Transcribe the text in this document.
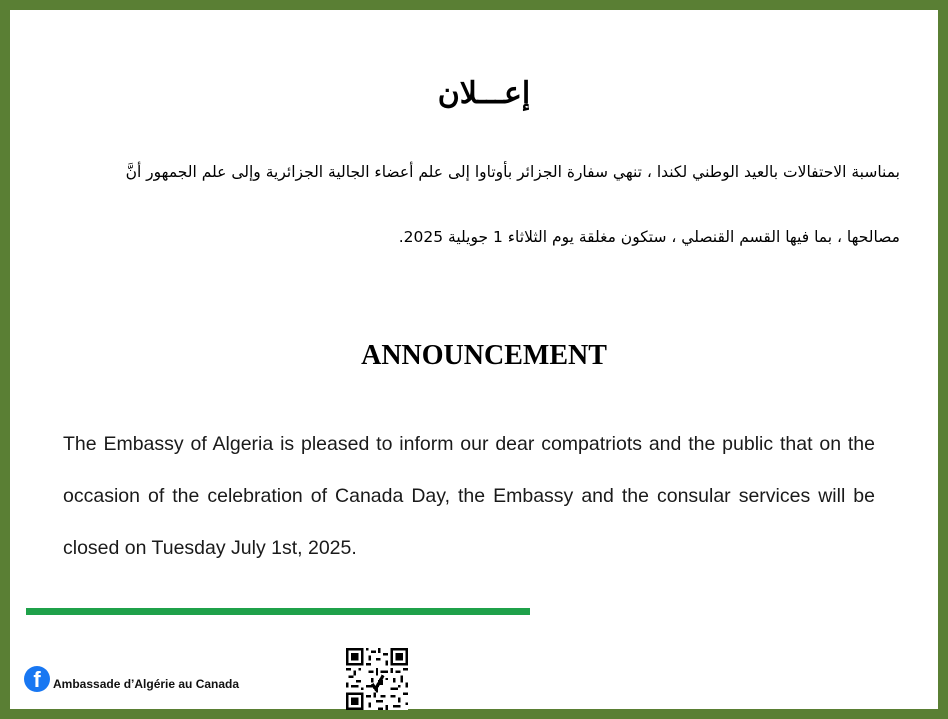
إعـــلان
بمناسبة الاحتفالات بالعيد الوطني لكندا ، تنهي سفارة الجزائر بأوتاوا إلى علم أعضاء الجالية الجزائرية وإلى علم الجمهور أنَّ
مصالحها ، بما فيها القسم القنصلي ، ستكون مغلقة يوم الثلاثاء 1 جويلية 2025.
ANNOUNCEMENT
The Embassy of Algeria is pleased to inform our dear compatriots and the public that on the occasion of the celebration of Canada Day, the Embassy and the consular services will be closed on Tuesday July 1st, 2025.
f	Ambassade d’Algérie au Canada
